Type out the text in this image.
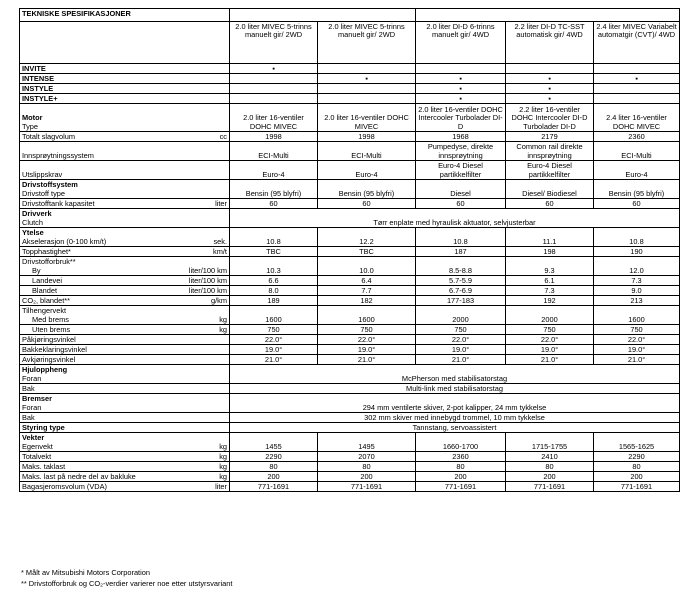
TEKNISKE SPESIFIKASJONER					
	2.0 liter MIVEC 5-trinns manuelt gir/ 2WD	2.0 liter MIVEC 5-trinns manuelt gir/ 2WD	2.0 liter DI-D 6-trinns manuelt gir/ 4WD	2.2 liter DI-D TC-SST automatisk gir/ 4WD	2.4 liter MIVEC Variabelt automatgir (CVT)/ 4WD

INVITE	▪				

INTENSE		▪	▪	▪	▪

INSTYLE			▪	▪	

INSTYLE+			▪	▪	

Motor
Type	2.0 liter 16-ventiler DOHC MIVEC	2.0 liter 16-ventiler DOHC MIVEC	2.0 liter 16-ventiler DOHC Intercooler Turbolader DI-D	2.2 liter 16-ventiler DOHC Intercooler DI-D Turbolader DI-D	2.4 liter 16-ventiler DOHC MIVEC

Totalt slagvolum cc	1998	1998	1968	2179	2360

Innsprøytningssystem	ECI-Multi	ECI-Multi	Pumpedyse, direkte innsprøytning	Common rail direkte innsprøytning	ECI-Multi

Utslippskrav	Euro-4	Euro-4	Euro-4 Diesel partikkelfilter	Euro-4 Diesel partikkelfilter	Euro-4

Drivstoffsystem
Drivstoff type	Bensin (95 blyfri)	Bensin (95 blyfri)	Diesel	Diesel/ Biodiesel	Bensin (95 blyfri)

Drivstofftank kapasitet liter	60	60	60	60	60

Drivverk
Clutch	Tørr enplate med hyraulisk aktuator, selvjusterbar				

Ytelse
Akselerasjon (0-100 km/t) sek.	10.8	12.2	10.8	11.1	10.8

Topphastighet* km/t	TBC	TBC	187	198	190

Drivstofforbruk**
By liter/100 km	10.3	10.0	8.5-8.8	9.3	12.0

Landevei liter/100 km	6.6	6.4	5.7-5.9	6.1	7.3

Blandet liter/100 km	8.0	7.7	6.7-6.9	7.3	9.0

CO₂, blandet** g/km	189	182	177-183	192	213

Tilhengervekt
Med brems kg	1600	1600	2000	2000	1600

Uten brems kg	750	750	750	750	750

Påkjøringsvinkel	22.0°	22.0°	22.0°	22.0°	22.0°

Bakkeklaringsvinkel	19.0°	19.0°	19.0°	19.0°	19.0°

Avkjøringsvinkel	21.0°	21.0°	21.0°	21.0°	21.0°

Hjuloppheng
Foran	McPherson med stabilisatorstag				

Bak	Multi-link med stabilisatorstag				

Bremser
Foran	294 mm ventilerte skiver, 2-pot kalipper, 24 mm tykkelse				

Bak	302 mm skiver med innebygd trommel, 10 mm tykkelse				

Styring type	Tannstang, servoassistert				

Vekter
Egenvekt kg	1455	1495	1660-1700	1715-1755	1565-1625

Totalvekt kg	2290	2070	2360	2410	2290

Maks. taklast kg	80	80	80	80	80

Maks. last på nedre del av bakluke kg	200	200	200	200	200

Bagasjeromsvolum (VDA) liter	771-1691	771-1691	771-1691	771-1691	771-1691
* Målt av Mitsubishi Motors Corporation
** Drivstofforbruk og CO₂-verdier varierer noe etter utstyrsvariant
